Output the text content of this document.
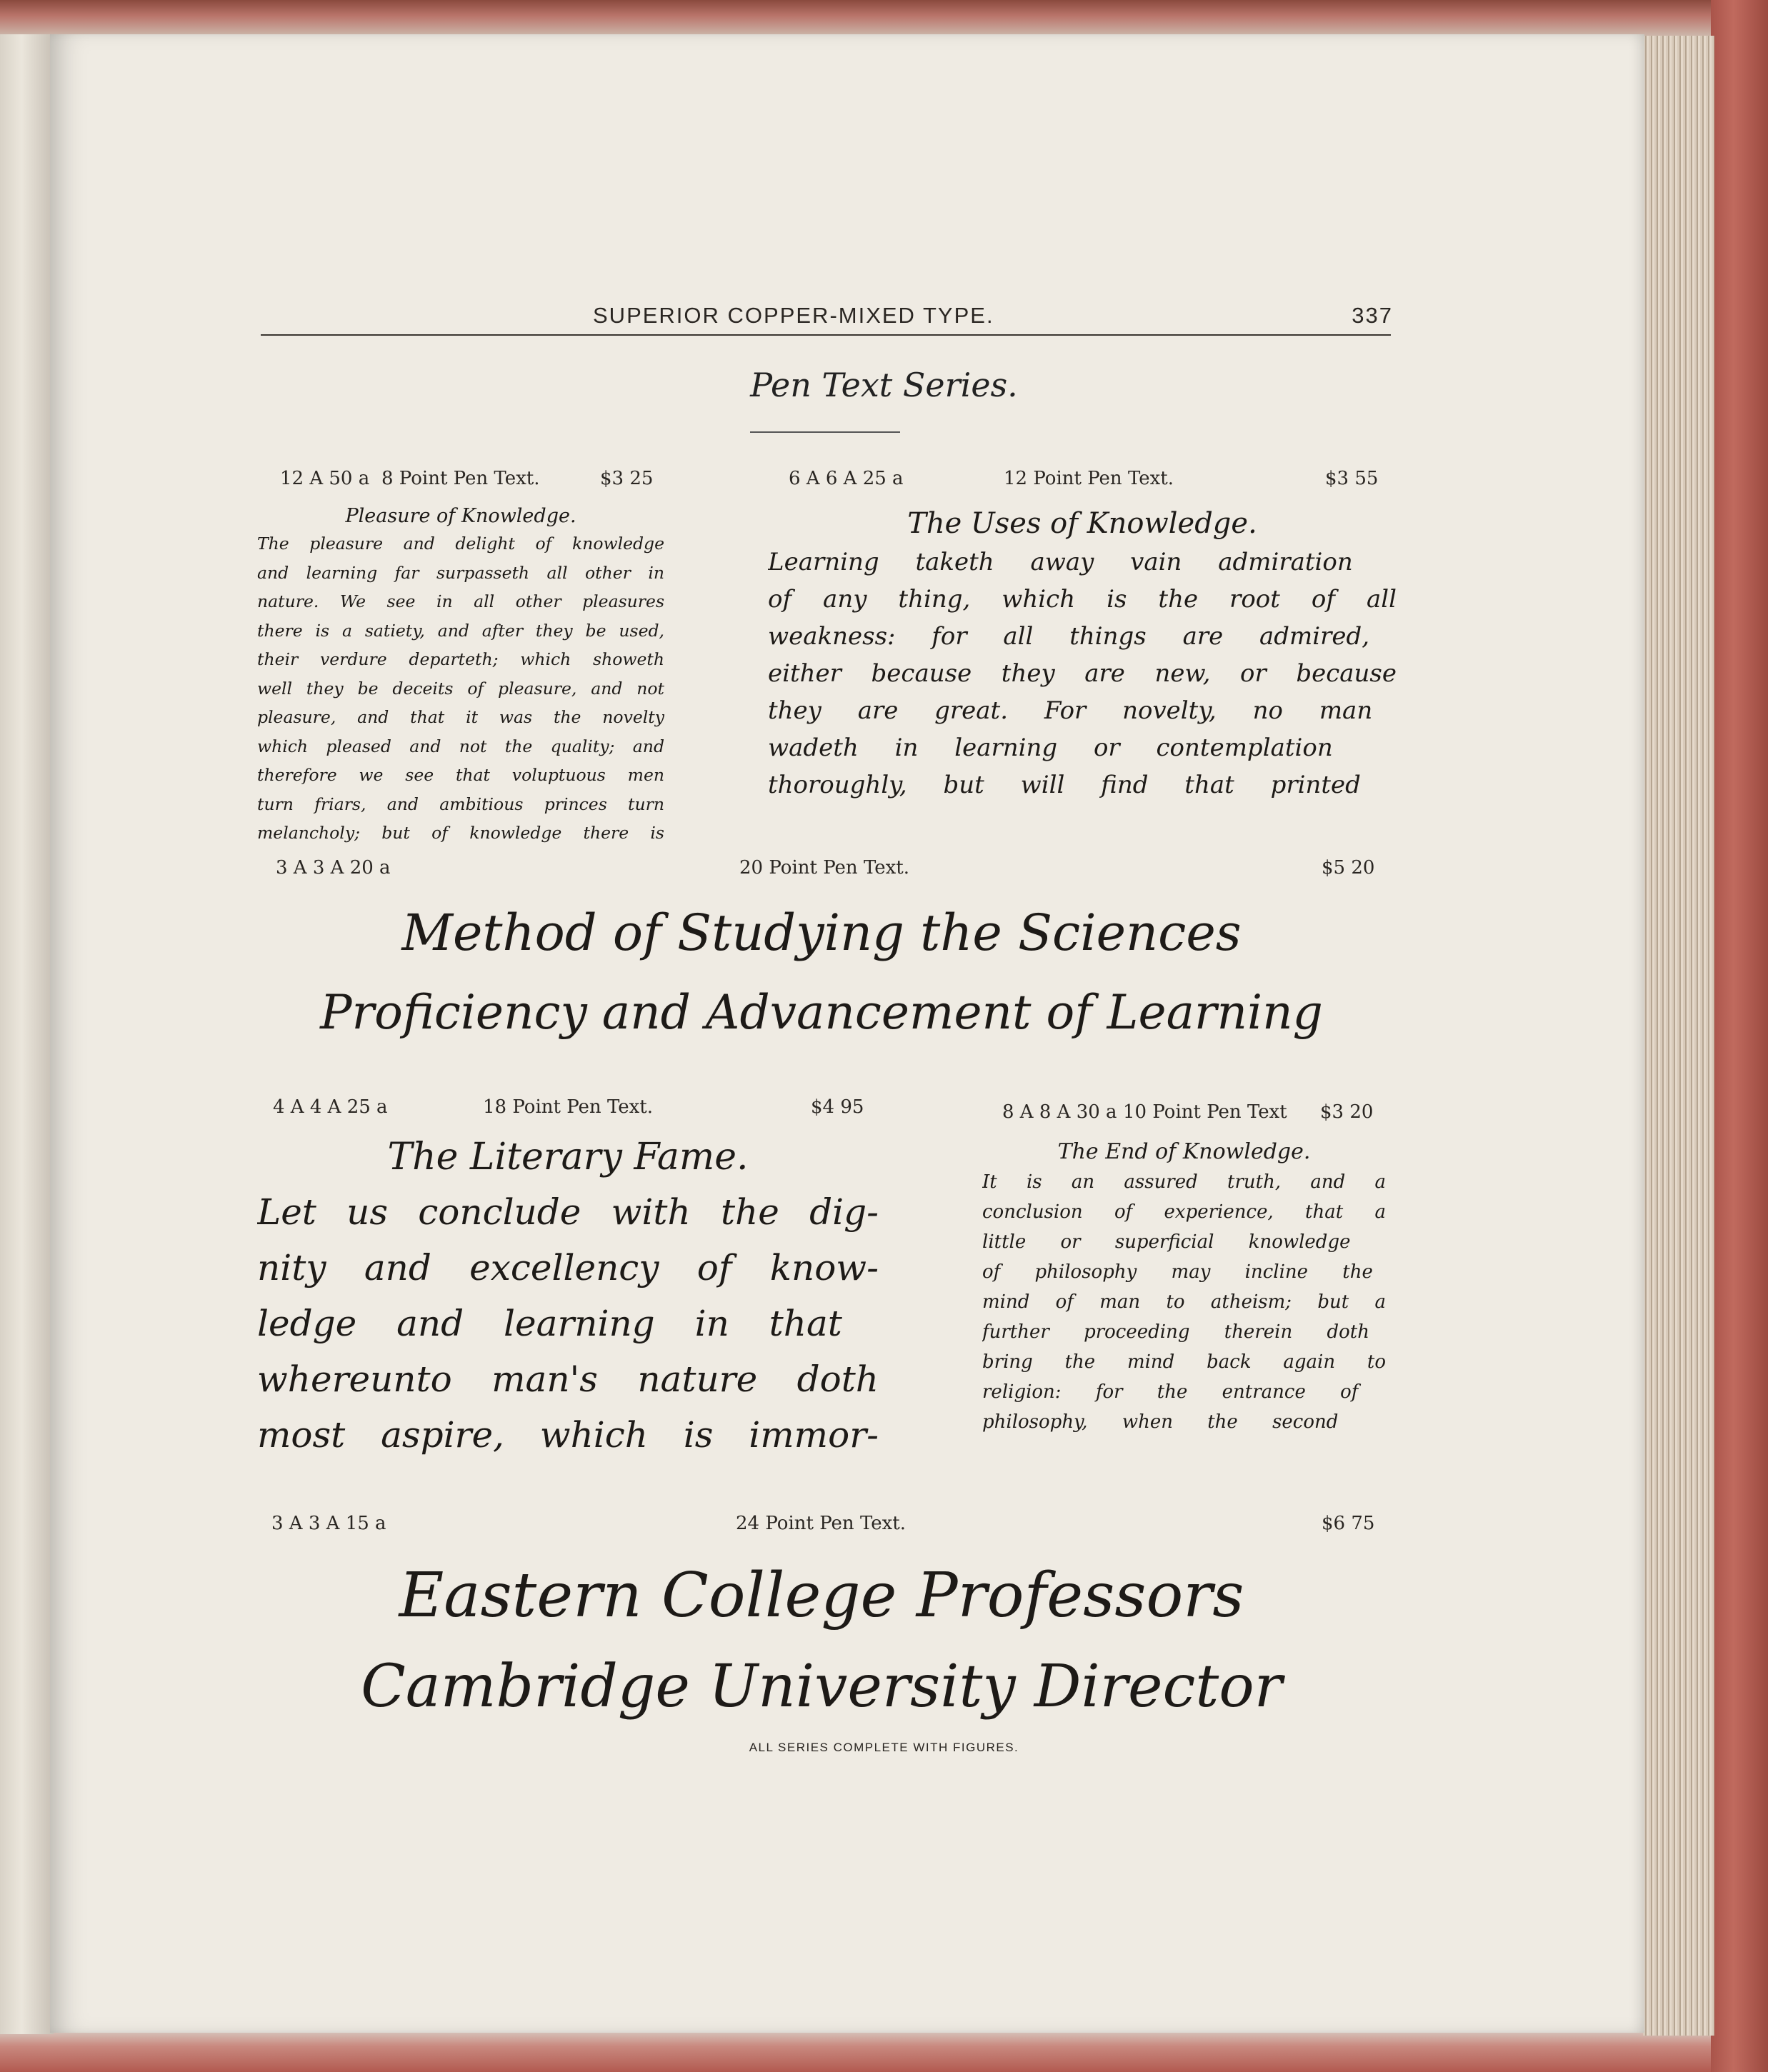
SUPERIOR COPPER-MIXED TYPE.	337
Pen Text Series.
12 A 50 a 8 Point Pen Text.	$3 25	6 A 6 A 25 a	12 Point Pen Text.	$3 55
Pleasure of Knowledge.
The pleasure and delight of knowledge
and learning far surpasseth all other in
nature. We see in all other pleasures
there is a satiety, and after they be used,
their verdure departeth; which showeth
well they be deceits of pleasure, and not
pleasure, and that it was the novelty
which pleased and not the quality; and
therefore we see that voluptuous men
turn friars, and ambitious princes turn
melancholy; but of knowledge there is
The Uses of Knowledge.
Learning taketh away vain admiration
of any thing, which is the root of all
weakness: for all things are admired,
either because they are new, or because
they are great. For novelty, no man
wadeth in learning or contemplation
thoroughly, but will find that printed
3 A 3 A 20 a	20 Point Pen Text.	$5 20
Method of Studying the Sciences
Proficiency and Advancement of Learning
4 A 4 A 25 a	18 Point Pen Text.	$4 95	8 A 8 A 30 a 10 Point Pen Text $3 20
The Literary Fame.
Let us conclude with the dig-
nity and excellency of know-
ledge and learning in that
whereunto man's nature doth
most aspire, which is immor-
The End of Knowledge.
It is an assured truth, and a
conclusion of experience, that a
little or superficial knowledge
of philosophy may incline the
mind of man to atheism; but a
further proceeding therein doth
bring the mind back again to
religion: for the entrance of
philosophy, when the second
3 A 3 A 15 a	24 Point Pen Text.	$6 75
Eastern College Professors
Cambridge University Director
ALL SERIES COMPLETE WITH FIGURES.
